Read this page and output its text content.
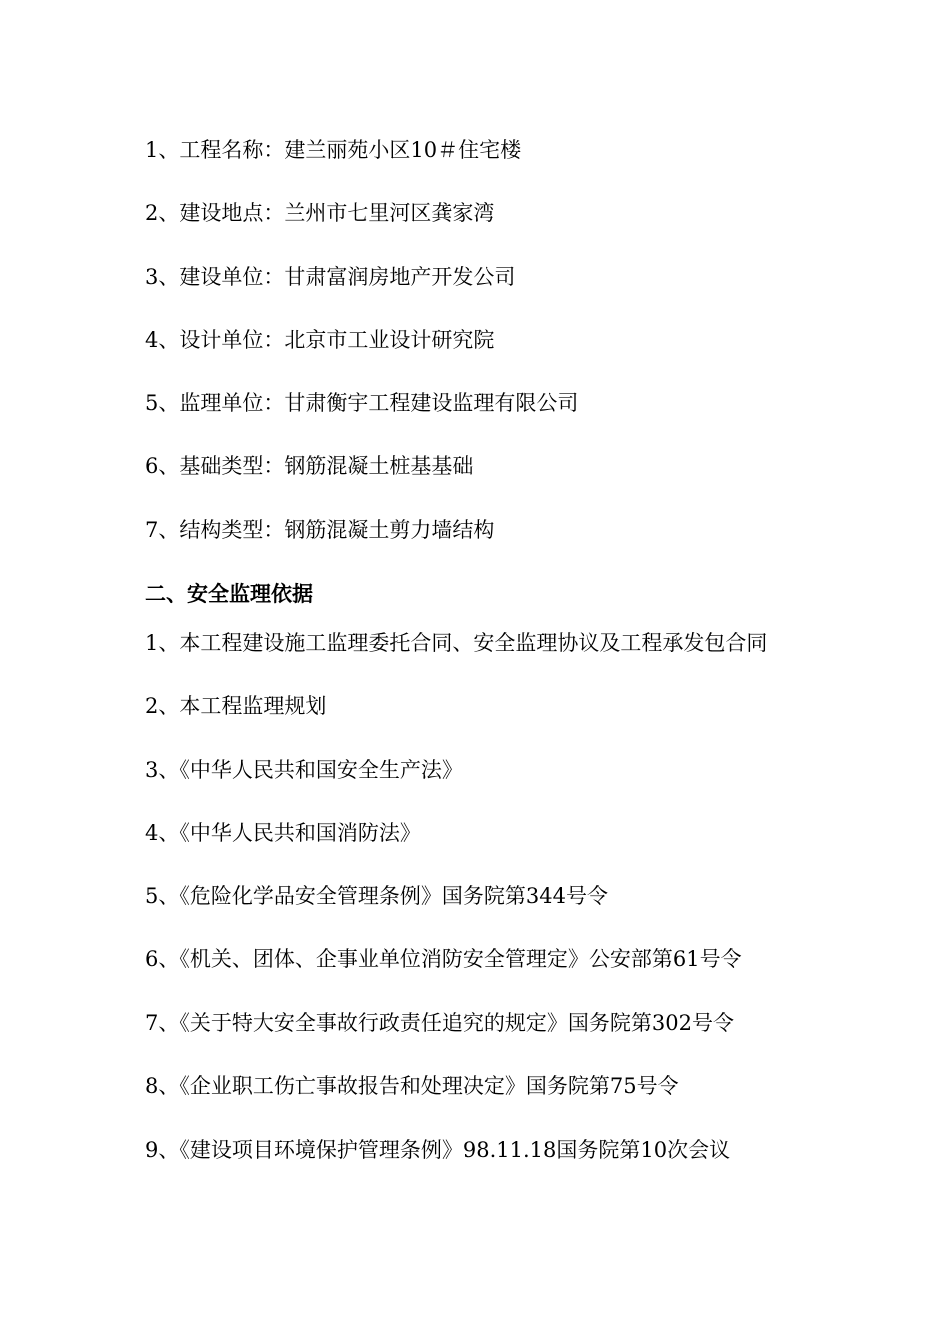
1、工程名称：建兰丽苑小区10＃住宅楼
2、建设地点：兰州市七里河区龚家湾
3、建设单位：甘肃富润房地产开发公司
4、设计单位：北京市工业设计研究院
5、监理单位：甘肃衡宇工程建设监理有限公司
6、基础类型：钢筋混凝土桩基基础
7、结构类型：钢筋混凝土剪力墙结构
二、安全监理依据
1、本工程建设施工监理委托合同、安全监理协议及工程承发包合同
2、本工程监理规划
3、《中华人民共和国安全生产法》
4、《中华人民共和国消防法》
5、《危险化学品安全管理条例》国务院第344号令
6、《机关、团体、企事业单位消防安全管理定》公安部第61号令
7、《关于特大安全事故行政责任追究的规定》国务院第302号令
8、《企业职工伤亡事故报告和处理决定》国务院第75号令
9、《建设项目环境保护管理条例》98.11.18国务院第10次会议
